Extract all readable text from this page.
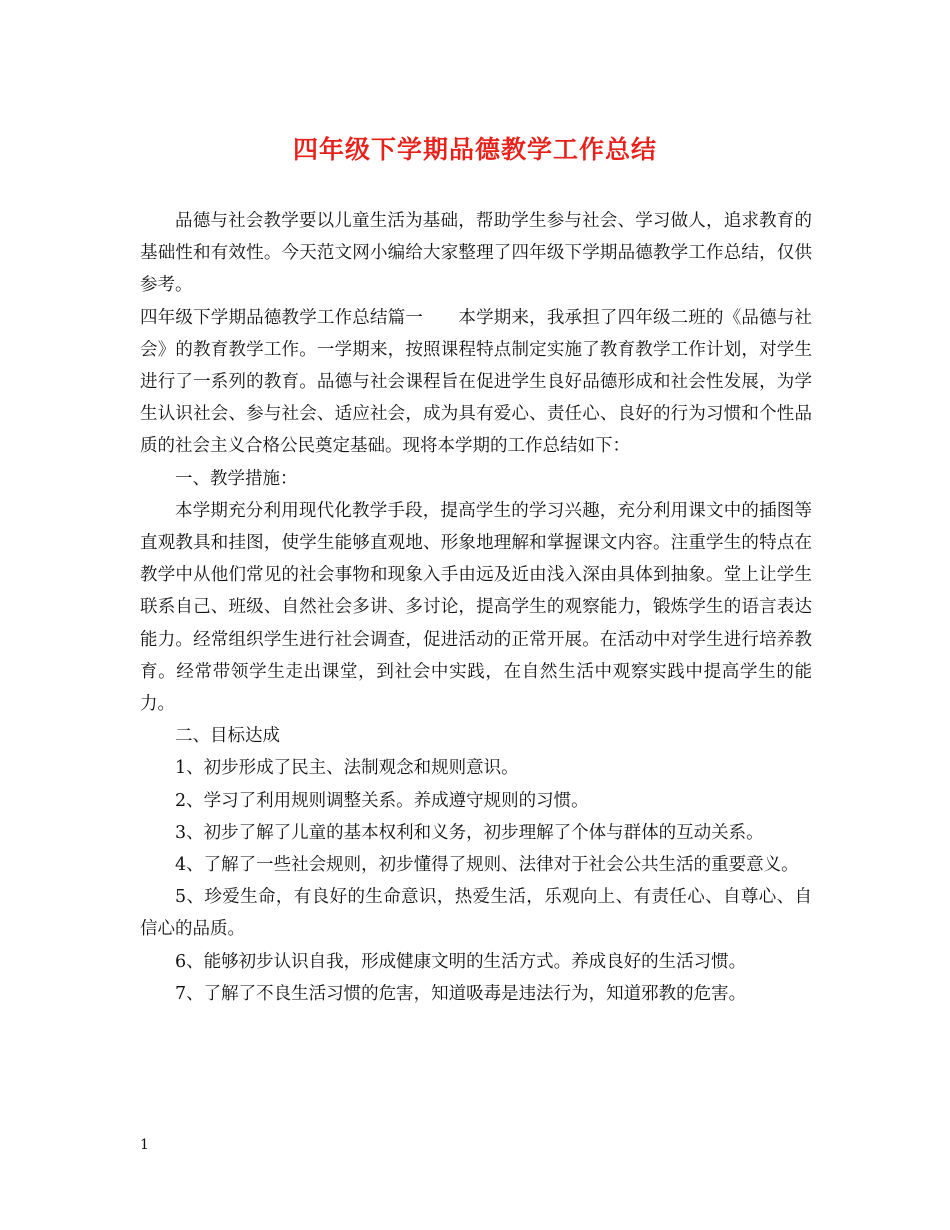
四年级下学期品德教学工作总结

品德与社会教学要以儿童生活为基础，帮助学生参与社会、学习做人，追求教育的基础性和有效性。今天范文网小编给大家整理了四年级下学期品德教学工作总结，仅供参考。

四年级下学期品德教学工作总结篇一　　本学期来，我承担了四年级二班的《品德与社会》的教育教学工作。一学期来，按照课程特点制定实施了教育教学工作计划，对学生进行了一系列的教育。品德与社会课程旨在促进学生良好品德形成和社会性发展，为学生认识社会、参与社会、适应社会，成为具有爱心、责任心、良好的行为习惯和个性品质的社会主义合格公民奠定基础。现将本学期的工作总结如下：

一、教学措施：

本学期充分利用现代化教学手段，提高学生的学习兴趣，充分利用课文中的插图等直观教具和挂图，使学生能够直观地、形象地理解和掌握课文内容。注重学生的特点在教学中从他们常见的社会事物和现象入手由远及近由浅入深由具体到抽象。堂上让学生联系自己、班级、自然社会多讲、多讨论，提高学生的观察能力，锻炼学生的语言表达能力。经常组织学生进行社会调查，促进活动的正常开展。在活动中对学生进行培养教育。经常带领学生走出课堂，到社会中实践，在自然生活中观察实践中提高学生的能力。

二、目标达成

1、初步形成了民主、法制观念和规则意识。

2、学习了利用规则调整关系。养成遵守规则的习惯。

3、初步了解了儿童的基本权利和义务，初步理解了个体与群体的互动关系。

4、了解了一些社会规则，初步懂得了规则、法律对于社会公共生活的重要意义。

5、珍爱生命，有良好的生命意识，热爱生活，乐观向上、有责任心、自尊心、自信心的品质。

6、能够初步认识自我，形成健康文明的生活方式。养成良好的生活习惯。

7、了解了不良生活习惯的危害，知道吸毒是违法行为，知道邪教的危害。

1
